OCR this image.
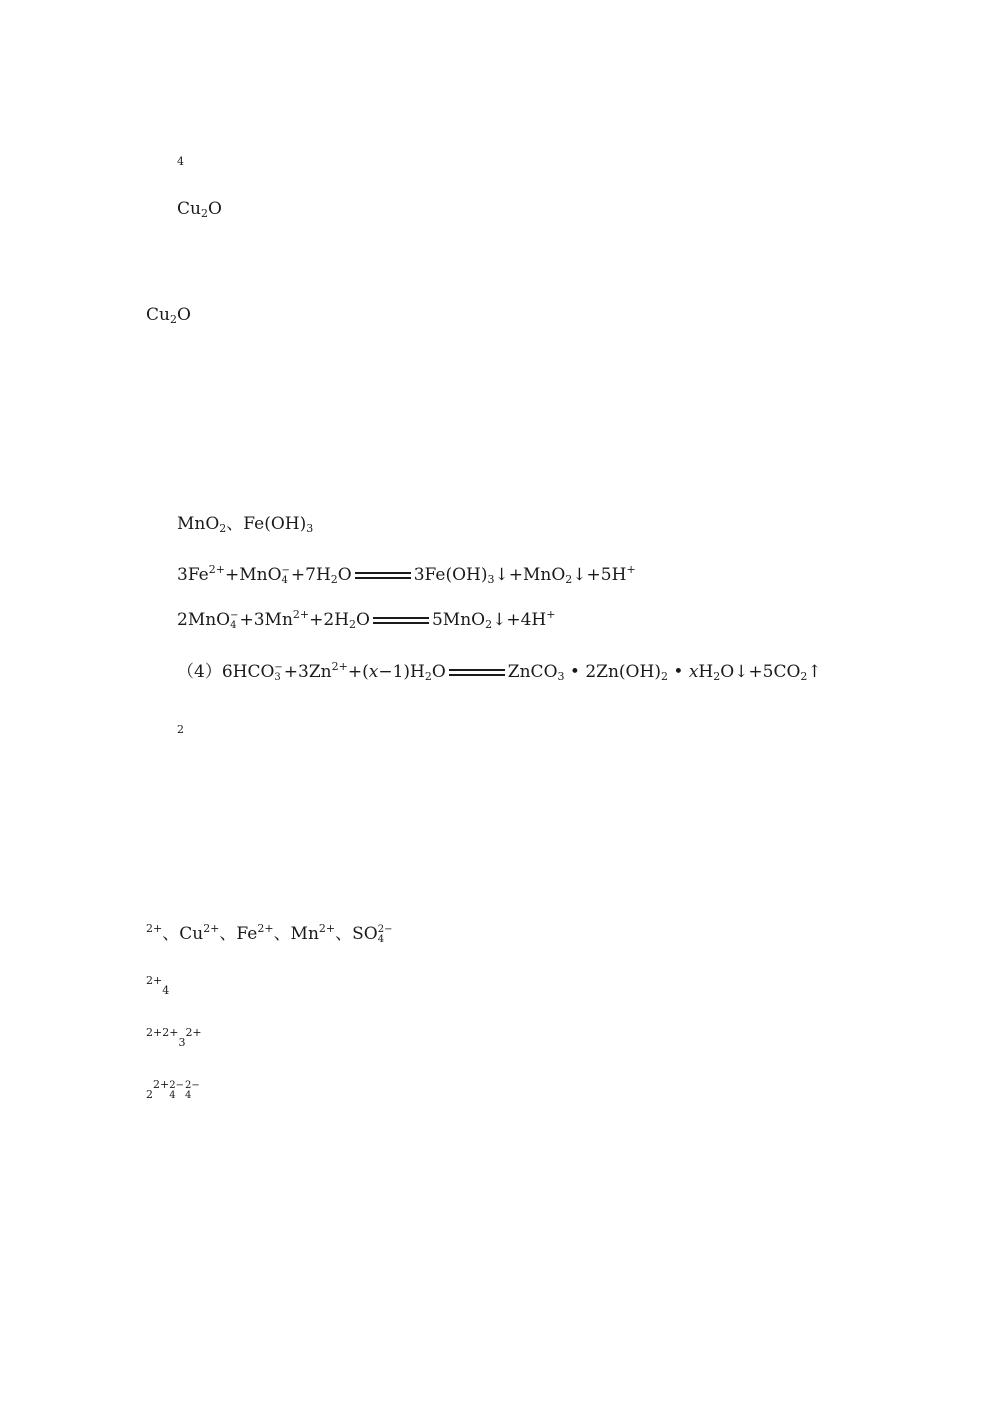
$_4$
$Cu_2O$
$Cu_2O$
MnO$_2$、$Fe(OH)_3$
$3Fe^{2+}+MnO$ −
$4 +7H_2O$	$3Fe(OH)_3↓+MnO_2↓+5H^+$
2MnO −
$4 +3Mn^{2+}+2H_2O$	5MnO$_2$↓+4H+
（4）6HCO −
$3 +3Zn^{2+}+(x-1)H_2O$	ZnCO$_3$ • $2Zn(OH)_2$ • $xH_2O↓+5CO_2↑$
$_2$

$^{2+}$、$Cu^{2+}$、$Fe^{2+}$、$Mn^{2+}$、SO 2−
4
$^{2+}_4$
$^{2+2+}_3^{2+}$
$_2^{2+}$ 2−
4
2−
4
